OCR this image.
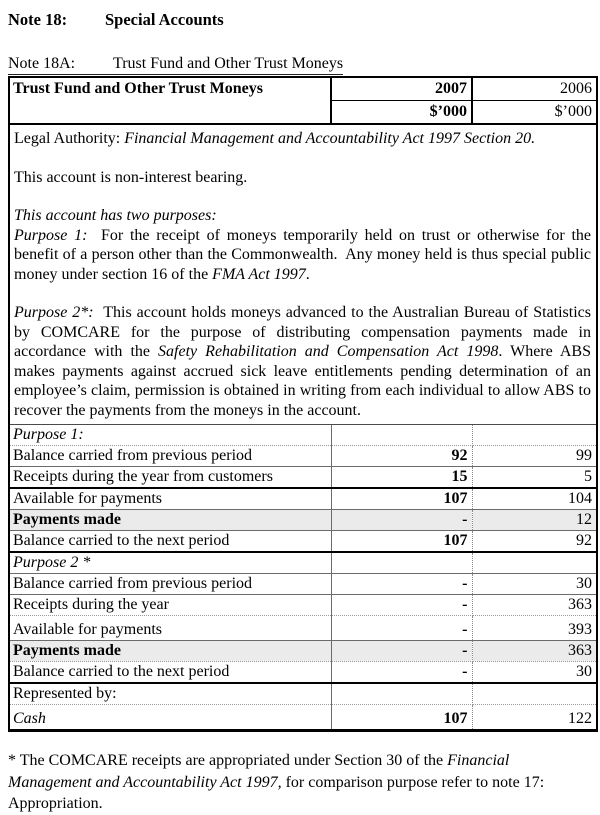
Note 18: Special Accounts
Note 18A: Trust Fund and Other Trust Moneys
Trust Fund and Other Trust Moneys	2007	2006
	$’000	$’000

Legal Authority: Financial Management and Accountability Act 1997 Section 20.

This account is non-interest bearing.

This account has two purposes:

Purpose 1:  For the receipt of moneys temporarily held on trust or otherwise for the benefit of a person other than the Commonwealth.  Any money held is thus special public money under section 16 of the FMA Act 1997.

Purpose 2*:  This account holds moneys advanced to the Australian Bureau of Statistics by COMCARE for the purpose of distributing compensation payments made in accordance with the Safety Rehabilitation and Compensation Act 1998. Where ABS makes payments against accrued sick leave entitlements pending determination of an employee’s claim, permission is obtained in writing from each individual to allow ABS to recover the payments from the moneys in the account.		

Purpose 1:		
Balance carried from previous period	92	99
Receipts during the year from customers	15	5
Available for payments	107	104
Payments made	-	12
Balance carried to the next period	107	92
Purpose 2 *		
Balance carried from previous period	-	30
Receipts during the year	-	363
Available for payments	-	393
Payments made	-	363
Balance carried to the next period	-	30
Represented by:		
Cash	107	122
* The COMCARE receipts are appropriated under Section 30 of the Financial Management and Accountability Act 1997, for comparison purpose refer to note 17: Appropriation.
